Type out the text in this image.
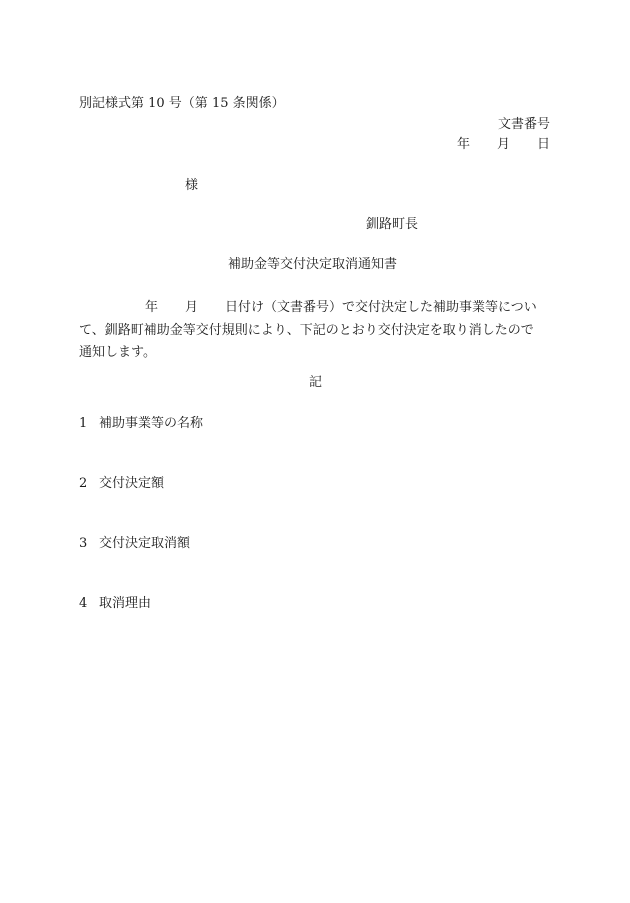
別記様式第 10 号（第 15 条関係）
文書番号
年 月 日
様
釧路町長
補助金等交付決定取消通知書
年 月 日付け（文書番号）で交付決定した補助事業等につい
て、釧路町補助金等交付規則により、下記のとおり交付決定を取り消したので
通知します。
記
1 補助事業等の名称
2 交付決定額
3 交付決定取消額
4 取消理由
